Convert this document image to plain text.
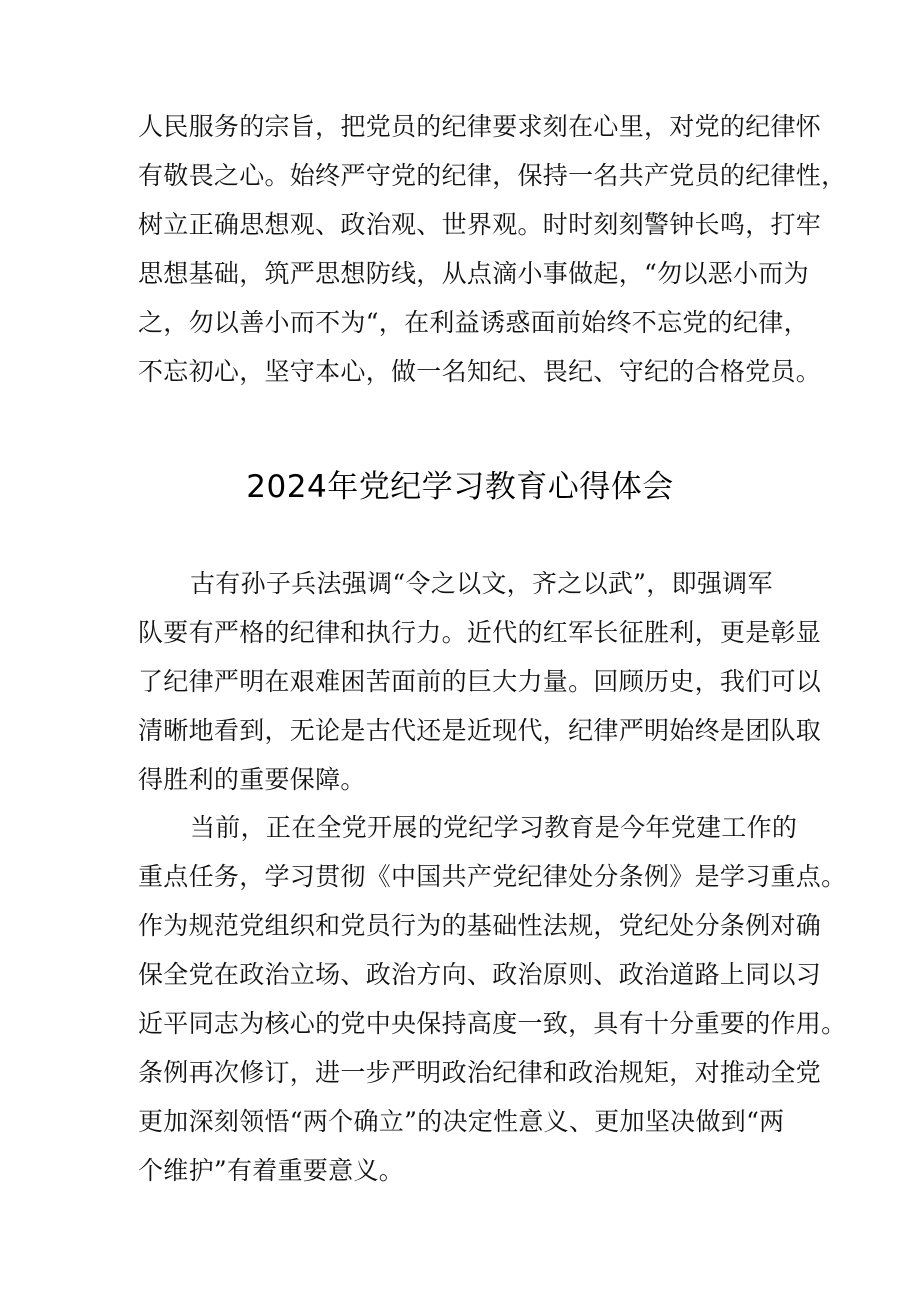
人民服务的宗旨，把党员的纪律要求刻在心里，对党的纪律怀
有敬畏之心。始终严守党的纪律，保持一名共产党员的纪律性，
树立正确思想观、政治观、世界观。时时刻刻警钟长鸣，打牢
思想基础，筑严思想防线，从点滴小事做起，“勿以恶小而为
之，勿以善小而不为“，在利益诱惑面前始终不忘党的纪律，
不忘初心，坚守本心，做一名知纪、畏纪、守纪的合格党员。
2024年党纪学习教育心得体会
古有孙子兵法强调“令之以文，齐之以武”，即强调军
队要有严格的纪律和执行力。近代的红军长征胜利，更是彰显
了纪律严明在艰难困苦面前的巨大力量。回顾历史，我们可以
清晰地看到，无论是古代还是近现代，纪律严明始终是团队取
得胜利的重要保障。
当前，正在全党开展的党纪学习教育是今年党建工作的
重点任务，学习贯彻《中国共产党纪律处分条例》是学习重点。
作为规范党组织和党员行为的基础性法规，党纪处分条例对确
保全党在政治立场、政治方向、政治原则、政治道路上同以习
近平同志为核心的党中央保持高度一致，具有十分重要的作用。
条例再次修订，进一步严明政治纪律和政治规矩，对推动全党
更加深刻领悟“两个确立”的决定性意义、更加坚决做到“两
个维护”有着重要意义。
